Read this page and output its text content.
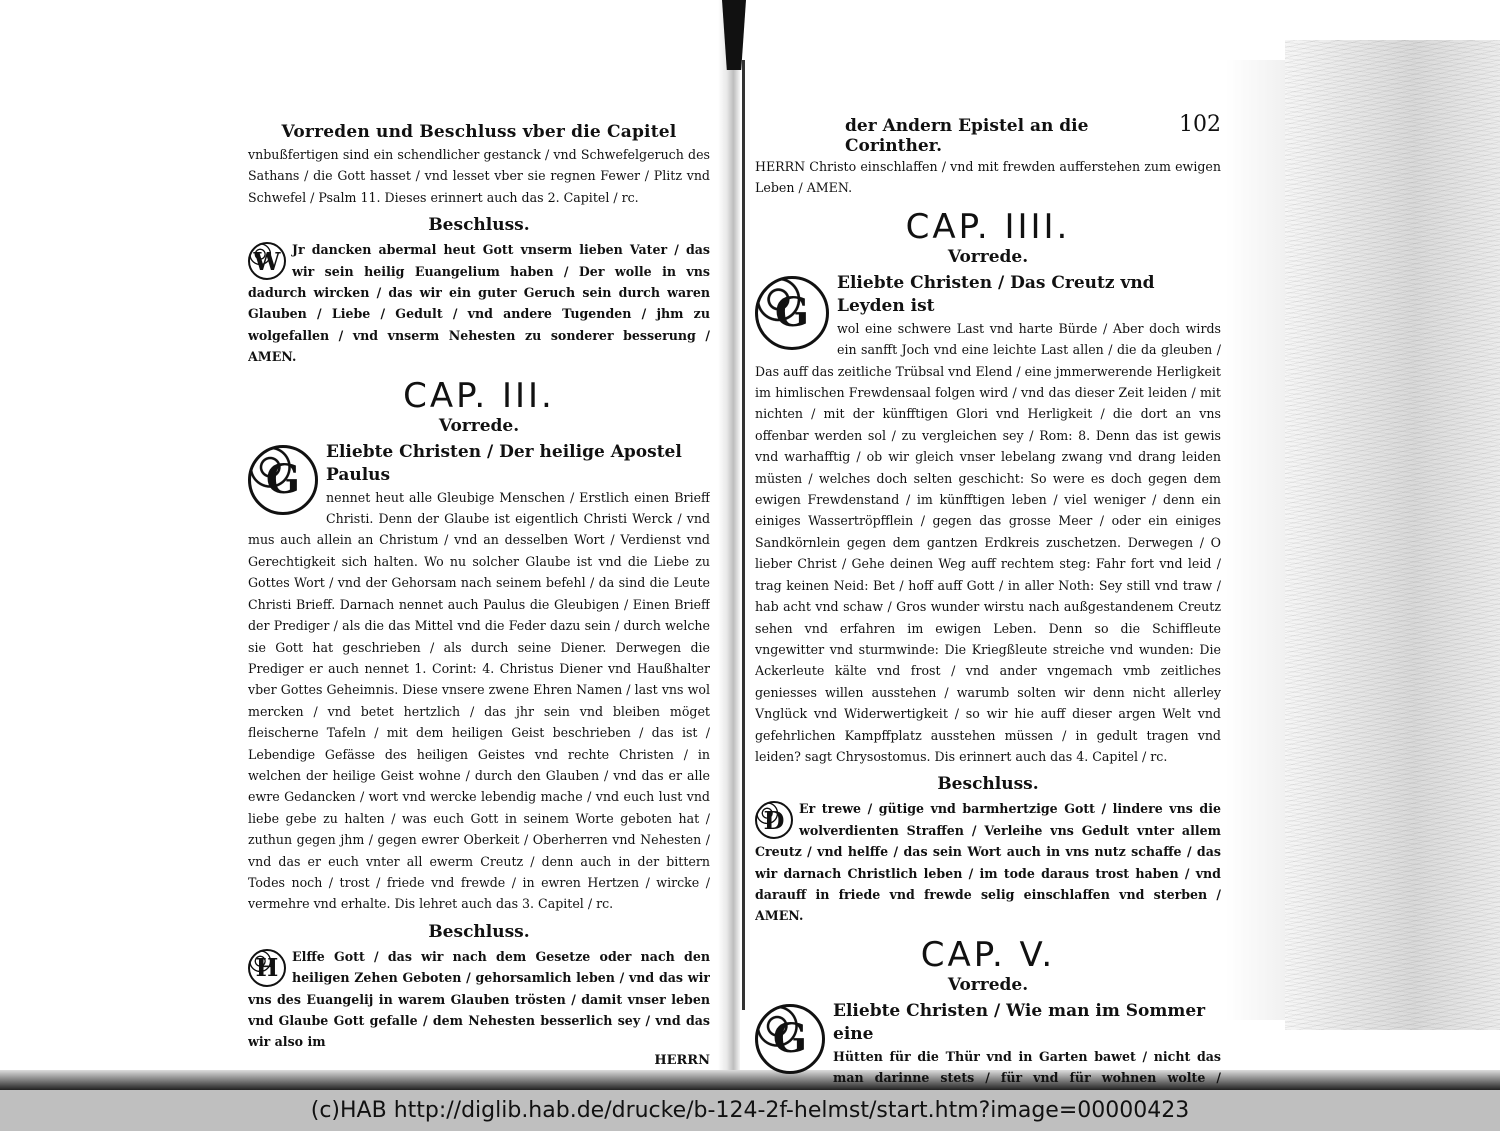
Vorreden und Beschluss vber die Capitel

vnbußfertigen sind ein schendlicher gestanck / vnd Schwefelgeruch des Sathans / die Gott hasset / vnd lesset vber sie regnen Fewer / Plitz vnd Schwefel / Psalm 11. Dieses erinnert auch das 2. Capitel / rc.

Beschluss.
W Jr dancken abermal heut Gott vnserm lieben Vater / das wir sein heilig Euangelium haben / Der wolle in vns dadurch wircken / das wir ein guter Geruch sein durch waren Glauben / Liebe / Gedult / vnd andere Tugenden / jhm zu wolgefallen / vnd vnserm Nehesten zu sonderer besserung / AMEN.

CAP. III.
Vorrede.
G
Eliebte Christen / Der heilige Apostel Paulus

nennet heut alle Gleubige Menschen / Erstlich einen Brieff Christi. Denn der Glaube ist eigentlich Christi Werck / vnd mus auch allein an Christum / vnd an desselben Wort / Verdienst vnd Gerechtigkeit sich halten. Wo nu solcher Glaube ist vnd die Liebe zu Gottes Wort / vnd der Gehorsam nach seinem befehl / da sind die Leute Christi Brieff. Darnach nennet auch Paulus die Gleubigen / Einen Brieff der Prediger / als die das Mittel vnd die Feder dazu sein / durch welche sie Gott hat geschrieben / als durch seine Diener. Derwegen die Prediger er auch nennet 1. Corint: 4. Christus Diener vnd Haußhalter vber Gottes Geheimnis. Diese vnsere zwene Ehren Namen / last vns wol mercken / vnd betet hertzlich / das jhr sein vnd bleiben möget fleischerne Tafeln / mit dem heiligen Geist beschrieben / das ist / Lebendige Gefässe des heiligen Geistes vnd rechte Christen / in welchen der heilige Geist wohne / durch den Glauben / vnd das er alle ewre Gedancken / wort vnd wercke lebendig mache / vnd euch lust vnd liebe gebe zu halten / was euch Gott in seinem Worte geboten hat / zuthun gegen jhm / gegen ewrer Oberkeit / Oberherren vnd Nehesten / vnd das er euch vnter all ewerm Creutz / denn auch in der bittern Todes noch / trost / friede vnd frewde / in ewren Hertzen / wircke / vermehre vnd erhalte. Dis lehret auch das 3. Capitel / rc.

Beschluss.
H	Elffe Gott / das wir nach dem Gesetze oder nach den heiligen Zehen Geboten / gehorsamlich leben / vnd das wir vns des Euangelij in warem Glauben trösten / damit vnser leben vnd Glaube Gott gefalle / dem Nehesten besserlich sey / vnd das wir also im

HERRN
der Andern Epistel an die Corinther.
102

HERRN Christo einschlaffen / vnd mit frewden aufferstehen zum ewigen Leben / AMEN.

CAP. IIII.
Vorrede.
G
Eliebte Christen / Das Creutz vnd Leyden ist

wol eine schwere Last vnd harte Bürde / Aber doch wirds ein sanfft Joch vnd eine leichte Last allen / die da gleuben / Das auff das zeitliche Trübsal vnd Elend / eine jmmerwerende Herligkeit im himlischen Frewdensaal folgen wird / vnd das dieser Zeit leiden / mit nichten / mit der künfftigen Glori vnd Herligkeit / die dort an vns offenbar werden sol / zu vergleichen sey / Rom: 8. Denn das ist gewis vnd warhafftig / ob wir gleich vnser lebelang zwang vnd drang leiden müsten / welches doch selten geschicht: So were es doch gegen dem ewigen Frewdenstand / im künfftigen leben / viel weniger / denn ein einiges Wassertröpfflein / gegen das grosse Meer / oder ein einiges Sandkörnlein gegen dem gantzen Erdkreis zuschetzen. Derwegen / O lieber Christ / Gehe deinen Weg auff rechtem steg: Fahr fort vnd leid / trag keinen Neid: Bet / hoff auff Gott / in aller Noth: Sey still vnd traw / hab acht vnd schaw / Gros wunder wirstu nach außgestandenem Creutz sehen vnd erfahren im ewigen Leben. Denn so die Schiffleute vngewitter vnd sturmwinde: Die Kriegßleute streiche vnd wunden: Die Ackerleute kälte vnd frost / vnd ander vngemach vmb zeitliches geniesses willen ausstehen / warumb solten wir denn nicht allerley Vnglück vnd Widerwertigkeit / so wir hie auff dieser argen Welt vnd gefehrlichen Kampffplatz ausstehen müssen / in gedult tragen vnd leiden? sagt Chrysostomus. Dis erinnert auch das 4. Capitel / rc.

Beschluss.
D	Er trewe / gütige vnd barmhertzige Gott / lindere vns die wolverdienten Straffen / Verleihe vns Gedult vnter allem Creutz / vnd helffe / das sein Wort auch in vns nutz schaffe / das wir darnach Christlich leben / im tode daraus trost haben / vnd darauff in friede vnd frewde selig einschlaffen vnd sterben / AMEN.

CAP. V.
Vorrede.
G
Eliebte Christen / Wie man im Sommer eine

Hütten für die Thür vnd in Garten bawet / nicht das man darinne stets / für vnd für wohnen wolte /

(c)HAB http://diglib.hab.de/drucke/b-124-2f-helmst/start.htm?image=00000423
